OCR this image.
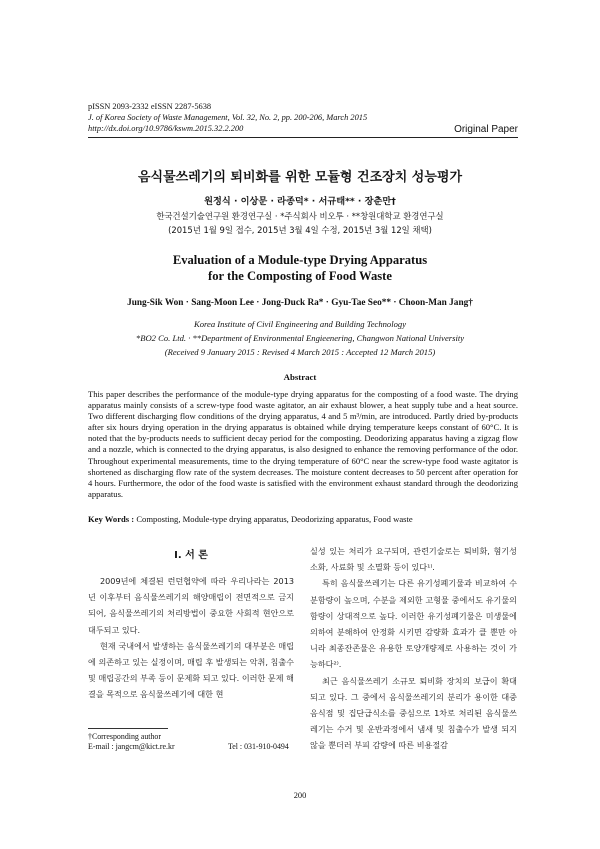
pISSN 2093-2332 eISSN 2287-5638
J. of Korea Society of Waste Management, Vol. 32, No. 2, pp. 200-206, March 2015
http://dx.doi.org/10.9786/kswm.2015.32.2.200	Original Paper
음식물쓰레기의 퇴비화를 위한 모듈형 건조장치 성능평가
원정식 · 이상문 · 라종덕* · 서규태** · 장춘만†
한국건설기술연구원 환경연구실 · *주식회사 비오투 · **창원대학교 환경연구실
(2015년 1월 9일 접수, 2015년 3월 4일 수정, 2015년 3월 12일 채택)
Evaluation of a Module-type Drying Apparatus
for the Composting of Food Waste
Jung-Sik Won · Sang-Moon Lee · Jong-Duck Ra* · Gyu-Tae Seo** · Choon-Man Jang†
Korea Institute of Civil Engineering and Building Technology
*BO2 Co. Ltd. · **Department of Environmental Engieenering, Changwon National University
(Received 9 January 2015 : Revised 4 March 2015 : Accepted 12 March 2015)
Abstract
This paper describes the performance of the module-type drying apparatus for the composting of a food waste. The drying apparatus mainly consists of a screw-type food waste agitator, an air exhaust blower, a heat supply tube and a heat source. Two different discharging flow conditions of the drying apparatus, 4 and 5 m³/min, are introduced. Partly dried by-products after six hours drying operation in the drying apparatus is obtained while drying temperature keeps constant of 60°C. It is noted that the by-products needs to sufficient decay period for the composting. Deodorizing apparatus having a zigzag flow and a nozzle, which is connected to the drying apparatus, is also designed to enhance the removing performance of the odor. Throughout experimental measurements, time to the drying temperature of 60°C near the screw-type food waste agitator is shortened as discharging flow rate of the system decreases. The moisture content decreases to 50 percent after operation for 4 hours. Furthermore, the odor of the food waste is satisfied with the environment exhaust standard through the deodorizing apparatus.
Key Words : Composting, Module-type drying apparatus, Deodorizing apparatus, Food waste
I. 서 론

2009년에 체결된 런던협약에 따라 우리나라는 2013년 이후부터 음식물쓰레기의 해양매립이 전면적으로 금지되어, 음식물쓰레기의 처리방법이 중요한 사회적 현안으로 대두되고 있다.

현재 국내에서 발생하는 음식물쓰레기의 대부분은 매립에 의존하고 있는 실정이며, 매립 후 발생되는 악취, 침출수 및 매립공간의 부족 등이 문제화 되고 있다. 이러한 문제 해결을 목적으로 음식물쓰레기에 대한 현

실성 있는 처리가 요구되며, 관련기술로는 퇴비화, 혐기성 소화, 사료화 및 소멸화 등이 있다¹⁾.

특히 음식물쓰레기는 다른 유기성폐기물과 비교하여 수분함량이 높으며, 수분을 제외한 고형물 중에서도 유기물의 함량이 상대적으로 높다. 이러한 유기성폐기물은 미생물에 의하여 분해하여 안정화 시키면 감량화 효과가 클 뿐만 아니라 최종잔존물은 유용한 토양개량제로 사용하는 것이 가능하다²⁾.

최근 음식물쓰레기 소규모 퇴비화 장치의 보급이 확대되고 있다. 그 중에서 음식물쓰레기의 분리가 용이한 대중음식점 및 집단급식소를 중심으로 1차로 처리된 음식물쓰레기는 수거 및 운반과정에서 냄새 및 침출수가 발생 되지 않을 뿐더러 부피 감량에 따른 비용절감

†Corresponding author
E-mail : jangcm@kict.re.kr	Tel : 031-910-0494
200
